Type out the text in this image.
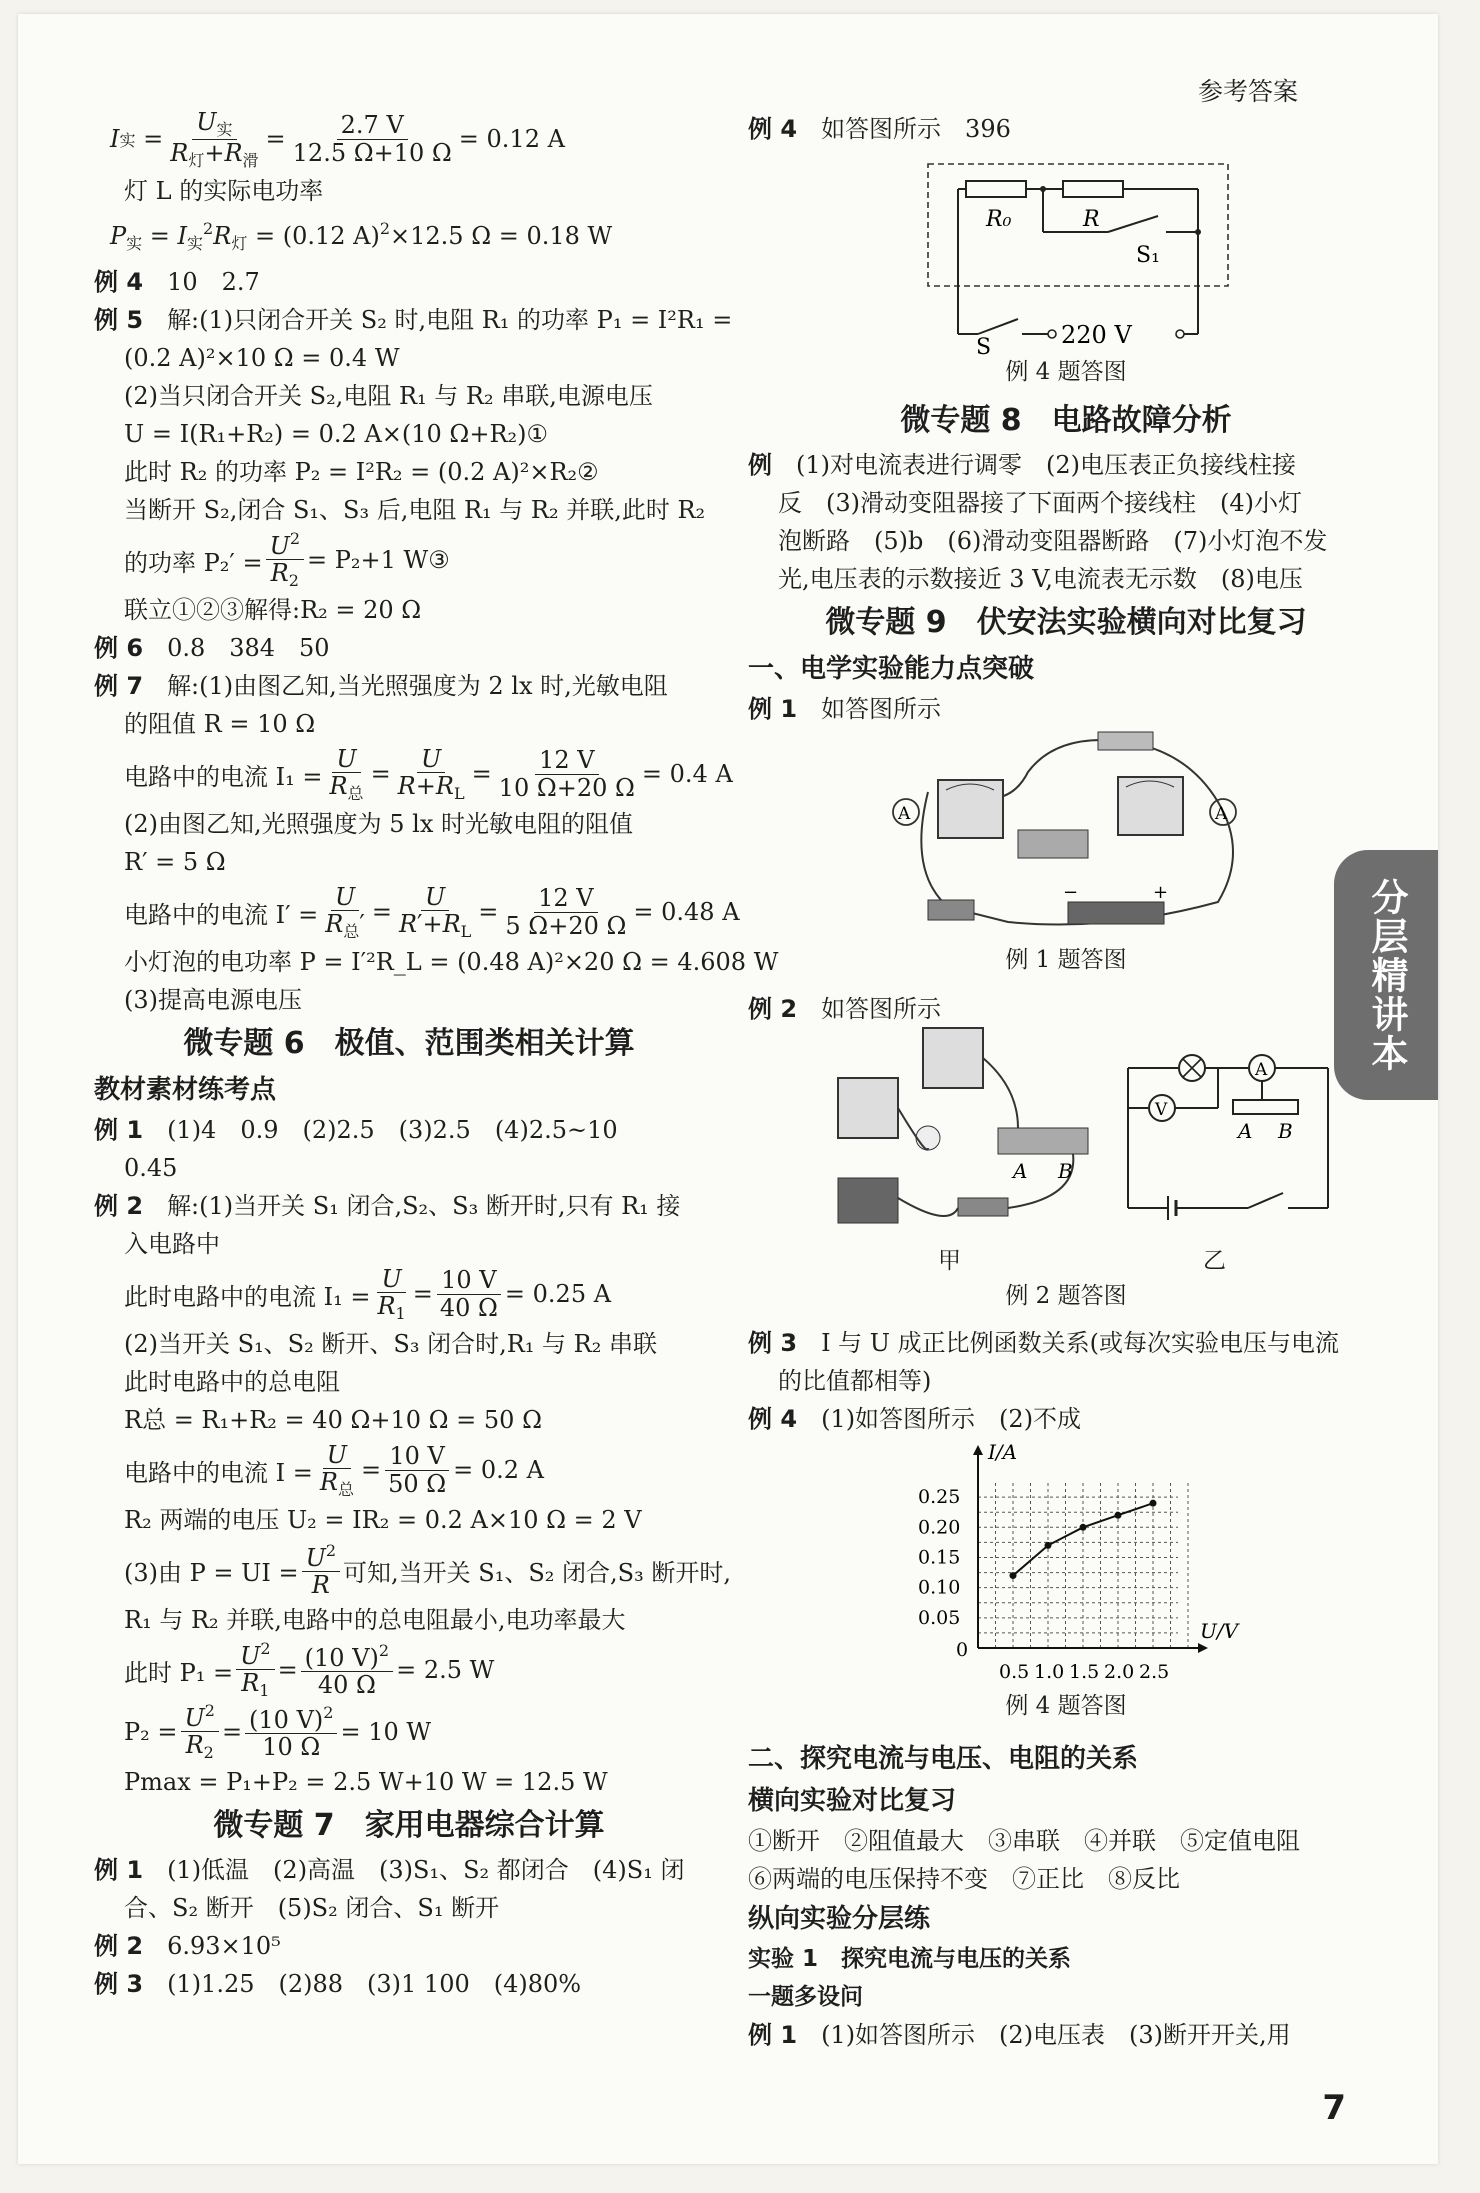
参考答案
分层精讲本
7
I 实 = $\frac{U_实}{R_灯+R_滑} = \frac{2.7 V}{12.5 \Omega+10 \Omega} = 0.12$ A
灯 L 的实际电功率
$P_实 = I_实^2R_灯 = (0.12$ A)$^2$×12.5 Ω = 0.18 W
例 4　 10　2.7
例 5　 解:(1)只闭合开关 S₂ 时,电阻 R₁ 的功率 P₁ = I²R₁ =
(0.2 A)²×10 Ω = 0.4 W
(2)当只闭合开关 S₂,电阻 R₁ 与 R₂ 串联,电源电压
U = I(R₁+R₂) = 0.2 A×(10 Ω+R₂)①
此时 R₂ 的功率 P₂ = I²R₂ = (0.2 A)²×R₂②
当断开 S₂,闭合 S₁、S₃ 后,电阻 R₁ 与 R₂ 并联,此时 R₂
的功率 $P_2' = \frac{U^2}{R_2} = P_2+1$ W③
联立①②③解得:R₂ = 20 Ω
例 6　 0.8　384　50
例 7　 解:(1)由图乙知,当光照强度为 2 lx 时,光敏电阻
的阻值 R = 10 Ω
电路中的电流 $I_1 = \frac{U}{R_总} = \frac{U}{R+R_L} = \frac{12 V}{10 \Omega+20 \Omega} = 0.4$ A
(2)由图乙知,光照强度为 5 lx 时光敏电阻的阻值
R′ = 5 Ω
电路中的电流 $I' = \frac{U}{R_总'} = \frac{U}{R'+R_L} = \frac{12 V}{5 \Omega+20 \Omega} = 0.48$ A
小灯泡的电功率 P = I′²R_L = (0.48 A)²×20 Ω = 4.608 W
(3)提高电源电压
微专题 6　极值、范围类相关计算
教材素材练考点
例 1　 (1)4　0.9　(2)2.5　(3)2.5　(4)2.5~10
0.45
例 2　 解:(1)当开关 S₁ 闭合,S₂、S₃ 断开时,只有 R₁ 接
入电路中
此时电路中的电流 $I_1 = \frac{U}{R_1} = \frac{10 V}{40 \Omega} = 0.25$ A
(2)当开关 S₁、S₂ 断开、S₃ 闭合时,R₁ 与 R₂ 串联
此时电路中的总电阻
R总 = R₁+R₂ = 40 Ω+10 Ω = 50 Ω
电路中的电流 $I = \frac{U}{R_总} = \frac{10 V}{50 \Omega} = 0.2$ A
R₂ 两端的电压 U₂ = IR₂ = 0.2 A×10 Ω = 2 V
(3)由 P = UI = $\frac{U^2}{R}$ 可知,当开关 S₁、S₂ 闭合,S₃ 断开时,
R₁ 与 R₂ 并联,电路中的总电阻最小,电功率最大
此时 $P_1 = \frac{U^2}{R_1} = \frac{(10 V)^2}{40 \Omega} = 2.5$ W
$P_2 = \frac{U^2}{R_2} = \frac{(10 V)^2}{10 \Omega} = 10$ W
Pmax = P₁+P₂ = 2.5 W+10 W = 12.5 W
微专题 7　家用电器综合计算
例 1　 (1)低温　(2)高温　(3)S₁、S₂ 都闭合　(4)S₁ 闭
合、S₂ 断开　(5)S₂ 闭合、S₁ 断开
例 2　 6.93×10⁵
例 3　 (1)1.25　(2)88　(3)1 100　(4)80%
例 4　 如答图所示　396
R₀	R
S₁
S	220 V
例 4 题答图
微专题 8　电路故障分析
例　 (1)对电流表进行调零　(2)电压表正负接线柱接
反　(3)滑动变阻器接了下面两个接线柱　(4)小灯
泡断路　(5)b　(6)滑动变阻器断路　(7)小灯泡不发
光,电压表的示数接近 3 V,电流表无示数　(8)电压
微专题 9　伏安法实验横向对比复习
一、电学实验能力点突破
例 1　 如答图所示
A	A
−	+
例 1 题答图
例 2　 如答图所示
A B
A
V
A B
甲	乙
例 2 题答图
例 3　 I 与 U 成正比例函数关系(或每次实验电压与电流
的比值都相等)
例 4　 (1)如答图所示　(2)不成
0.5 1.0 1.5 2.0 2.5
0.05
0.10
0.15
0.20
0.25
0
U/V
I/A
例 4 题答图
二、探究电流与电压、电阻的关系
横向实验对比复习
①断开　②阻值最大　③串联　④并联　⑤定值电阻
⑥两端的电压保持不变　⑦正比　⑧反比
纵向实验分层练
实验 1　探究电流与电压的关系
一题多设问
例 1　 (1)如答图所示　(2)电压表　(3)断开开关,用
